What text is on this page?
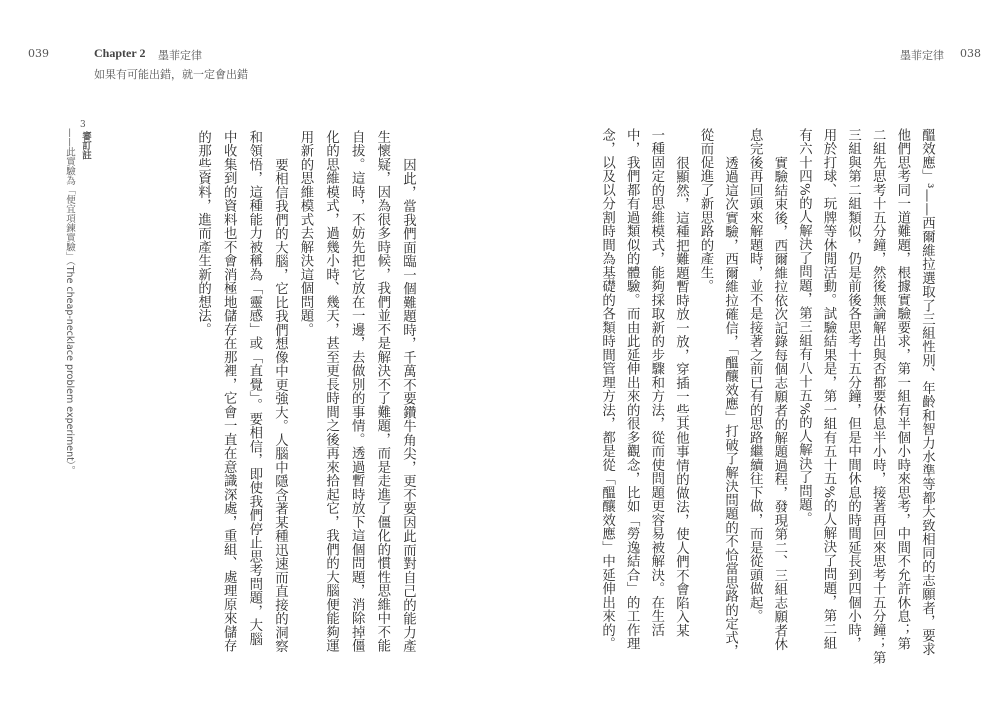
039	Chapter 2 墨菲定律
如果有可能出錯，就一定會出錯
墨菲定律 038
因此，當我們面臨一個難題時，千萬不要鑽牛角尖，更不要因此而對自己的能力產
生懷疑，因為很多時候，我們並不是解決不了難題，而是走進了僵化的慣性思維中不能
自拔。這時，不妨先把它放在一邊，去做別的事情。透過暫時放下這個問題，消除掉僵
化的思維模式，過幾小時、幾天，甚至更長時間之後再來拾起它，我們的大腦便能夠運
用新的思維模式去解決這個問題。
要相信我們的大腦，它比我們想像中更強大。人腦中隱含著某種迅速而直接的洞察
和領悟，這種能力被稱為「靈感」或「直覺」。要相信，即使我們停止思考問題，大腦
中收集到的資料也不會消極地儲存在那裡，它會一直在意識深處，重組、處理原來儲存
的那些資料，進而產生新的想法。	醞效應」³——西爾維拉選取了三組性別、年齡和智力水準等都大致相同的志願者，要求
他們思考同一道難題，根據實驗要求，第一組有半個小時來思考，中間不允許休息；第
二組先思考十五分鐘，然後無論解出與否都要休息半小時，接著再回來思考十五分鐘；第
三組與第二組類似，仍是前後各思考十五分鐘，但是中間休息的時間延長到四個小時，
用於打球、玩牌等休閒活動。試驗結果是，第一組有五十五%的人解決了問題，第二組
有六十四%的人解決了問題，第三組有八十五%的人解決了問題。
實驗結束後，西爾維拉依次記錄每個志願者的解題過程，發現第二、三組志願者休
息完後再回頭來解題時，並不是接著之前已有的思路繼續往下做，而是從頭做起。
透過這次實驗，西爾維拉確信，「醞釀效應」打破了解決問題的不恰當思路的定式，
從而促進了新思路的產生。
很顯然，這種把難題暫時放一放，穿插一些其他事情的做法，使人們不會陷入某
一種固定的思維模式，能夠採取新的步驟和方法，從而使問題更容易被解決。在生活
中，我們都有過類似的體驗。而由此延伸出來的很多觀念，比如「勞逸結合」的工作理
念，以及以分割時間為基礎的各類時間管理方法，都是從「醞釀效應」中延伸出來的。
3
審訂註
——此實驗為「便宜項鍊實驗」（The cheap-necklace problem experiment）。
